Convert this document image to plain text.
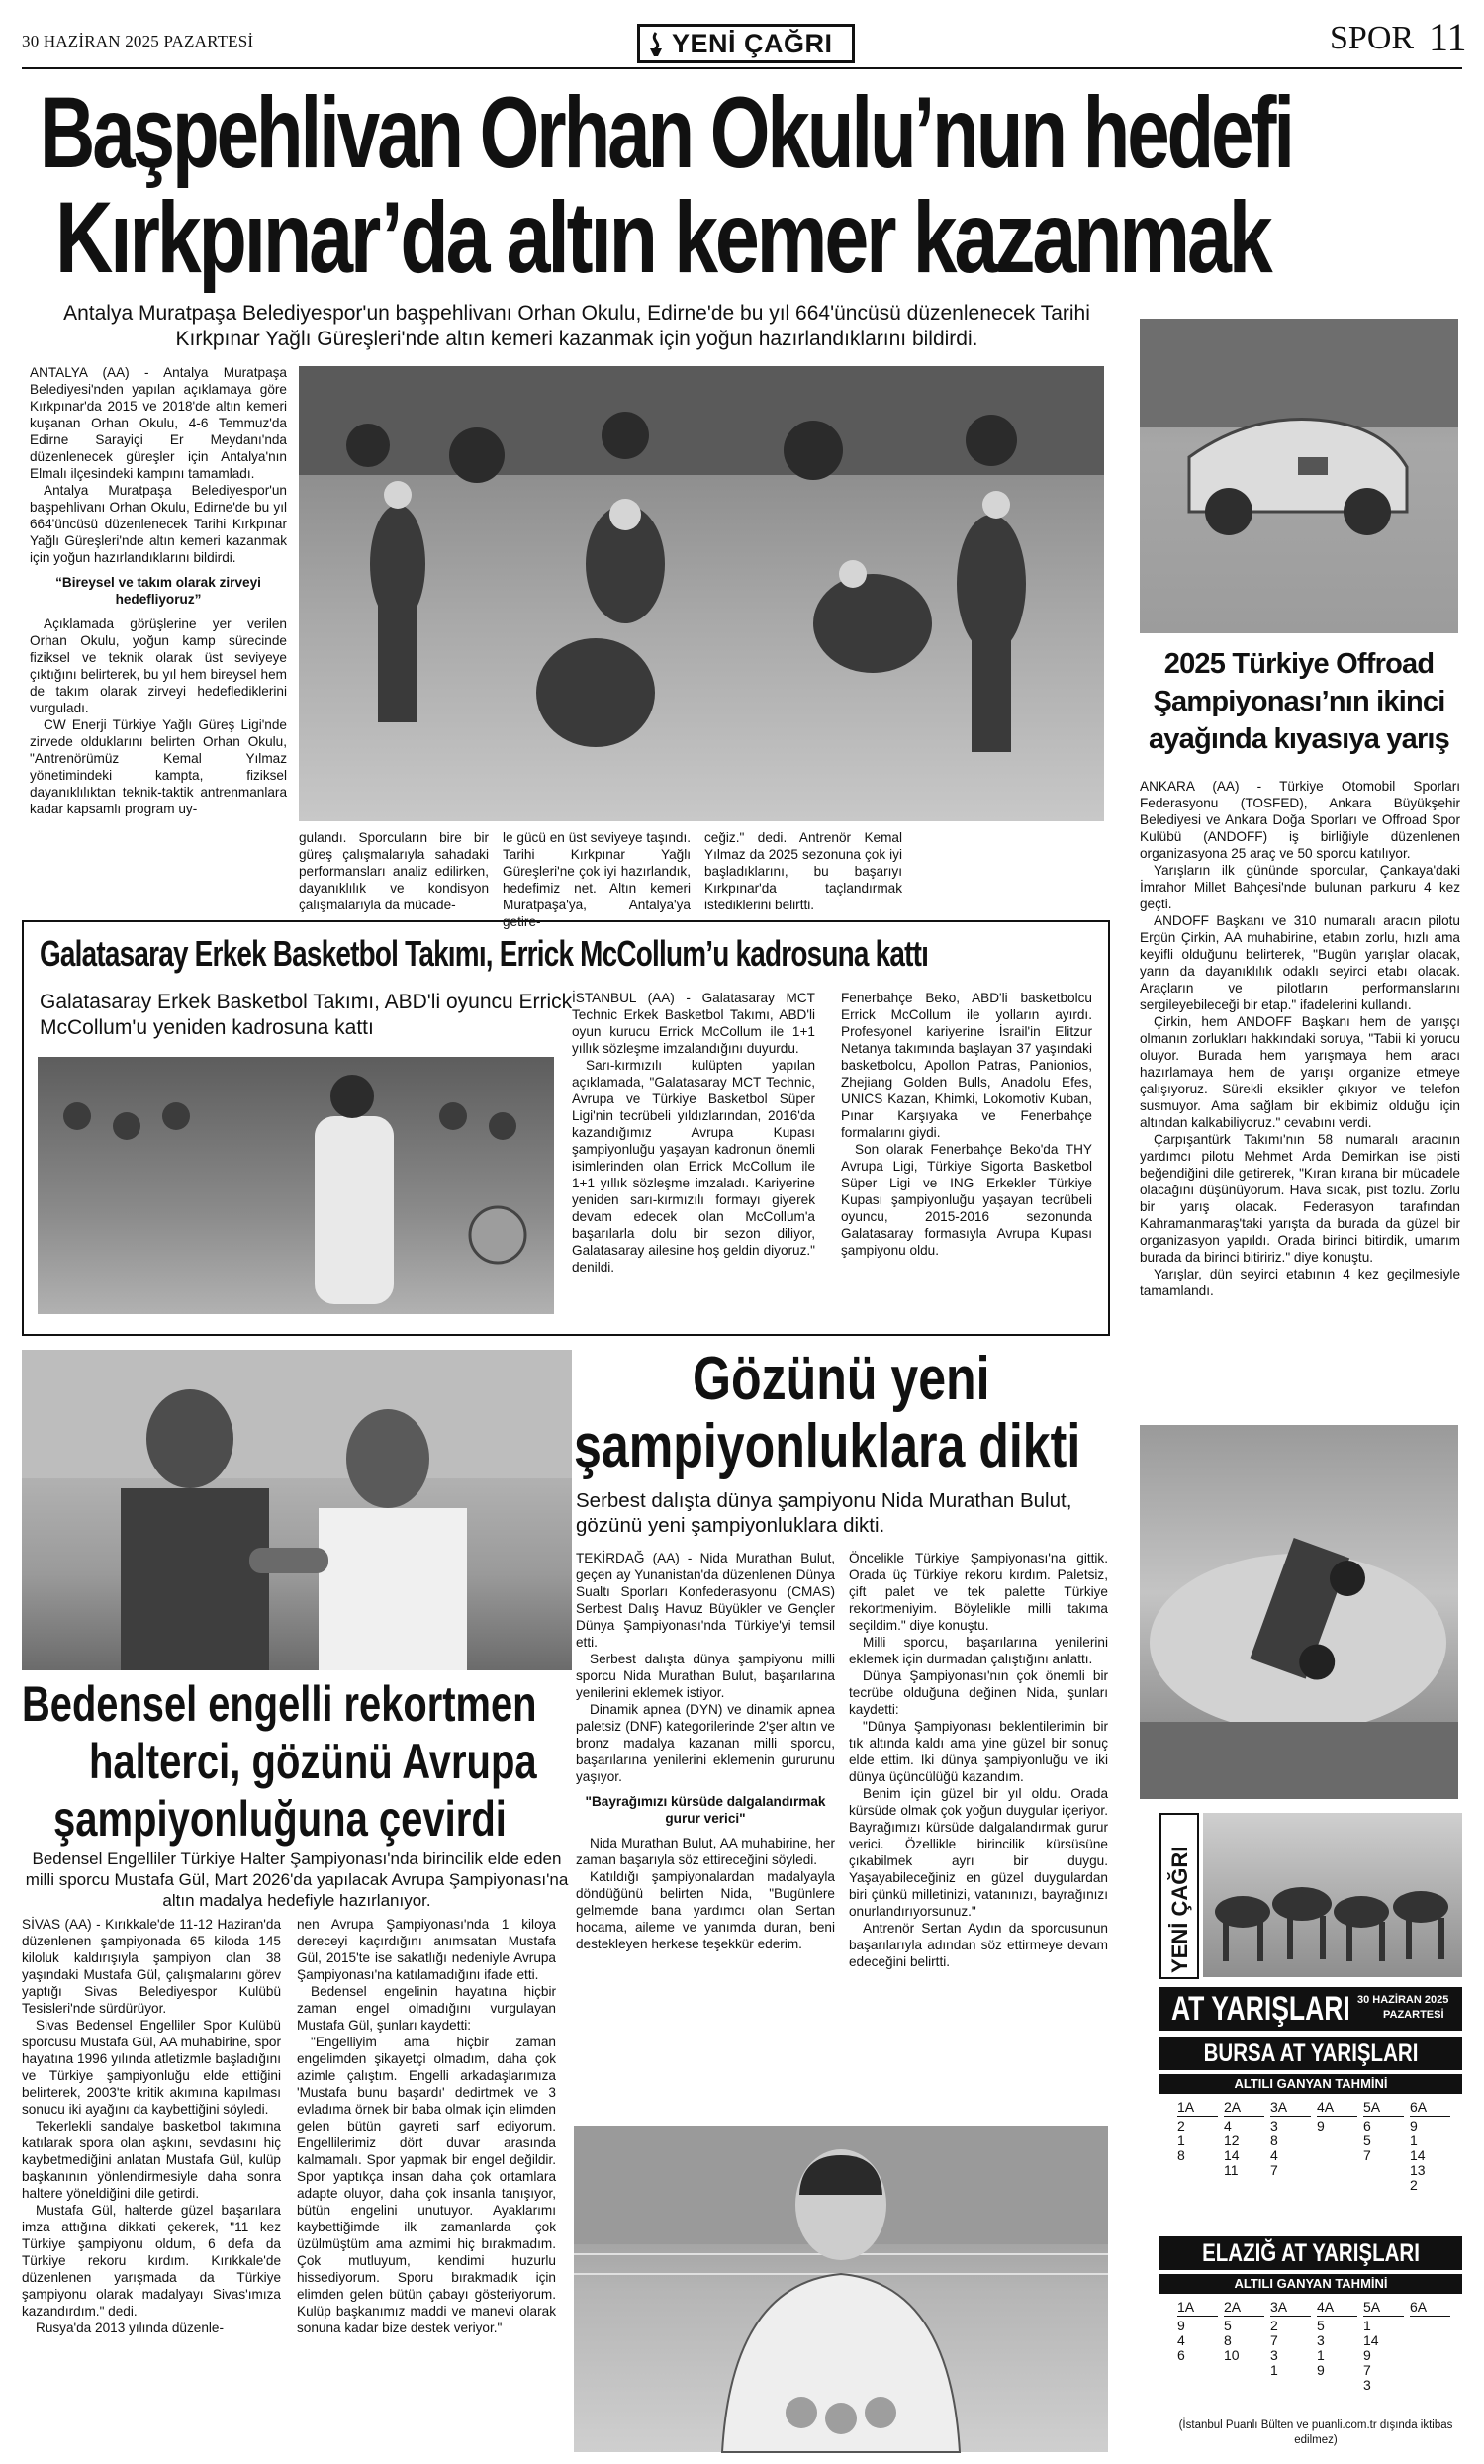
30 HAZİRAN 2025 PAZARTESİ	YENİ ÇAĞRI	SPOR 11
Başpehlivan Orhan Okulu’nun hedefi
Kırkpınar’da altın kemer kazanmak
Antalya Muratpaşa Belediyespor'un başpehlivanı Orhan Okulu, Edirne'de bu yıl 664'üncüsü düzenlenecek Tarihi Kırkpınar Yağlı Güreşleri'nde altın kemeri kazanmak için yoğun hazırlandıklarını bildirdi.

ANTALYA (AA) - Antalya Muratpaşa Belediyesi'nden yapılan açıklamaya göre Kırkpınar'da 2015 ve 2018'de altın kemeri kuşanan Orhan Okulu, 4-6 Temmuz'da Edirne Sarayiçi Er Meydanı'nda düzenlenecek güreşler için Antalya'nın Elmalı ilçesindeki kampını tamamladı.

Antalya Muratpaşa Belediyespor'un başpehlivanı Orhan Okulu, Edirne'de bu yıl 664'üncüsü düzenlenecek Tarihi Kırkpınar Yağlı Güreşleri'nde altın kemeri kazanmak için yoğun hazırlandıklarını bildirdi.

“Bireysel ve takım olarak zirveyi hedefliyoruz”

Açıklamada görüşlerine yer verilen Orhan Okulu, yoğun kamp sürecinde fiziksel ve teknik olarak üst seviyeye çıktığını belirterek, bu yıl hem bireysel hem de takım olarak zirveyi hedeflediklerini vurguladı.

CW Enerji Türkiye Yağlı Güreş Ligi'nde zirvede olduklarını belirten Orhan Okulu, "Antrenörümüz Kemal Yılmaz yönetimindeki kampta, fiziksel dayanıklılıktan teknik-taktik antrenmanlara kadar kapsamlı program uy-

gulandı. Sporcuların bire bir güreş çalışmalarıyla sahadaki performansları analiz edilirken, dayanıklılık ve kondisyon çalışmalarıyla da mücade-

le gücü en üst seviyeye taşındı. Tarihi Kırkpınar Yağlı Güreşleri'ne çok iyi hazırlandık, hedefimiz net. Altın kemeri Muratpaşa'ya, Antalya'ya getire-

ceğiz." dedi. Antrenör Kemal Yılmaz da 2025 sezonuna çok iyi başladıklarını, bu başarıyı Kırkpınar'da taçlandırmak istediklerini belirtti.

2025 Türkiye Offroad Şampiyonası’nın ikinci ayağında kıyasıya yarış

ANKARA (AA) - Türkiye Otomobil Sporları Federasyonu (TOSFED), Ankara Büyükşehir Belediyesi ve Ankara Doğa Sporları ve Offroad Spor Kulübü (ANDOFF) iş birliğiyle düzenlenen organizasyona 25 araç ve 50 sporcu katılıyor.

Yarışların ilk gününde sporcular, Çankaya'daki İmrahor Millet Bahçesi'nde bulunan parkuru 4 kez geçti.

ANDOFF Başkanı ve 310 numaralı aracın pilotu Ergün Çirkin, AA muhabirine, etabın zorlu, hızlı ama keyifli olduğunu belirterek, "Bugün yarışlar olacak, yarın da dayanıklılık odaklı seyirci etabı olacak. Araçların ve pilotların performanslarını sergileyebileceği bir etap." ifadelerini kullandı.

Çirkin, hem ANDOFF Başkanı hem de yarışçı olmanın zorlukları hakkındaki soruya, "Tabii ki yorucu oluyor. Burada hem yarışmaya hem aracı hazırlamaya hem de yarışı organize etmeye çalışıyoruz. Sürekli eksikler çıkıyor ve telefon susmuyor. Ama sağlam bir ekibimiz olduğu için altından kalkabiliyoruz." cevabını verdi.

Çarpışantürk Takımı'nın 58 numaralı aracının yardımcı pilotu Mehmet Arda Demirkan ise pisti beğendiğini dile getirerek, "Kıran kırana bir mücadele olacağını düşünüyorum. Hava sıcak, pist tozlu. Zorlu bir yarış olacak. Federasyon tarafından Kahramanmaraş'taki yarışta da burada da güzel bir organizasyon yapıldı. Orada birinci bitirdik, umarım burada da birinci bitiririz." diye konuştu.

Yarışlar, dün seyirci etabının 4 kez geçilmesiyle tamamlandı.

YENİ ÇAĞRI
AT YARIŞLARI 30 HAZİRAN 2025
PAZARTESİ
BURSA AT YARIŞLARI
ALTILI GANYAN TAHMİNİ
1A
2
1
8
2A
4
12
14
11
3A
3
8
4
7
4A
9
5A
6
5
7
6A
9
1
14
13
2
ELAZIĞ AT YARIŞLARI
ALTILI GANYAN TAHMİNİ
1A
9
4
6
2A
5
8
10
3A
2
7
3
1
4A
5
3
1
9
5A
1
14
9
7
3
6A
(İstanbul Puanlı Bülten ve puanli.com.tr dışında iktibas edilmez)
Galatasaray Erkek Basketbol Takımı, Errick McCollum’u kadrosuna kattı
Galatasaray Erkek Basketbol Takımı, ABD'li oyuncu Errick McCollum'u yeniden kadrosuna kattı

İSTANBUL (AA) - Galatasaray MCT Technic Erkek Basketbol Takımı, ABD'li oyun kurucu Errick McCollum ile 1+1 yıllık sözleşme imzalandığını duyurdu.

Sarı-kırmızılı kulüpten yapılan açıklamada, "Galatasaray MCT Technic, Avrupa ve Türkiye Basketbol Süper Ligi'nin tecrübeli yıldızlarından, 2016'da kazandığımız Avrupa Kupası şampiyonluğu yaşayan kadronun önemli isimlerinden olan Errick McCollum ile 1+1 yıllık sözleşme imzaladı. Kariyerine yeniden sarı-kırmızılı formayı giyerek devam edecek olan McCollum'a başarılarla dolu bir sezon diliyor, Galatasaray ailesine hoş geldin diyoruz." denildi.

Fenerbahçe Beko, ABD'li basketbolcu Errick McCollum ile yolların ayırdı. Profesyonel kariyerine İsrail'in Elitzur Netanya takımında başlayan 37 yaşındaki basketbolcu, Apollon Patras, Panionios, Zhejiang Golden Bulls, Anadolu Efes, UNICS Kazan, Khimki, Lokomotiv Kuban, Pınar Karşıyaka ve Fenerbahçe formalarını giydi.

Son olarak Fenerbahçe Beko'da THY Avrupa Ligi, Türkiye Sigorta Basketbol Süper Ligi ve ING Erkekler Türkiye Kupası şampiyonluğu yaşayan tecrübeli oyuncu, 2015-2016 sezonunda Galatasaray formasıyla Avrupa Kupası şampiyonu oldu.

Bedensel engelli rekortmen
halterci, gözünü Avrupa
şampiyonluğuna çevirdi
Bedensel Engelliler Türkiye Halter Şampiyonası'nda birincilik elde eden milli sporcu Mustafa Gül, Mart 2026'da yapılacak Avrupa Şampiyonası'na altın madalya hedefiyle hazırlanıyor.

SİVAS (AA) - Kırıkkale'de 11-12 Haziran'da düzenlenen şampiyonada 65 kiloda 145 kiloluk kaldırışıyla şampiyon olan 38 yaşındaki Mustafa Gül, çalışmalarını görev yaptığı Sivas Belediyespor Kulübü Tesisleri'nde sürdürüyor.

Sivas Bedensel Engelliler Spor Kulübü sporcusu Mustafa Gül, AA muhabirine, spor hayatına 1996 yılında atletizmle başladığını ve Türkiye şampiyonluğu elde ettiğini belirterek, 2003'te kritik akımına kapılması sonucu iki ayağını da kaybettiğini söyledi.

Tekerlekli sandalye basketbol takımına katılarak spora olan aşkını, sevdasını hiç kaybetmediğini anlatan Mustafa Gül, kulüp başkanının yönlendirmesiyle daha sonra haltere yöneldiğini dile getirdi.

Mustafa Gül, halterde güzel başarılara imza attığına dikkati çekerek, "11 kez Türkiye şampiyonu oldum, 6 defa da Türkiye rekoru kırdım. Kırıkkale'de düzenlenen yarışmada da Türkiye şampiyonu olarak madalyayı Sivas'ımıza kazandırdım." dedi.

Rusya'da 2013 yılında düzenle-

nen Avrupa Şampiyonası'nda 1 kiloya dereceyi kaçırdığını anımsatan Mustafa Gül, 2015'te ise sakatlığı nedeniyle Avrupa Şampiyonası'na katılamadığını ifade etti.

Bedensel engelinin hayatına hiçbir zaman engel olmadığını vurgulayan Mustafa Gül, şunları kaydetti:

"Engelliyim ama hiçbir zaman engelimden şikayetçi olmadım, daha çok azimle çalıştım. Engelli arkadaşlarımıza 'Mustafa bunu başardı' dedirtmek ve 3 evladıma örnek bir baba olmak için elimden gelen bütün gayreti sarf ediyorum. Engellilerimiz dört duvar arasında kalmamalı. Spor yapmak bir engel değildir. Spor yaptıkça insan daha çok ortamlara adapte oluyor, daha çok insanla tanışıyor, bütün engelini unutuyor. Ayaklarımı kaybettiğimde ilk zamanlarda çok üzülmüştüm ama azmimi hiç bırakmadım. Çok mutluyum, kendimi huzurlu hissediyorum. Sporu bırakmadık için elimden gelen bütün çabayı gösteriyorum. Kulüp başkanımız maddi ve manevi olarak sonuna kadar bize destek veriyor."

Gözünü yeni
şampiyonluklara dikti
Serbest dalışta dünya şampiyonu Nida Murathan Bulut, gözünü yeni şampiyonluklara dikti.

TEKİRDAĞ (AA) - Nida Murathan Bulut, geçen ay Yunanistan'da düzenlenen Dünya Sualtı Sporları Konfederasyonu (CMAS) Serbest Dalış Havuz Büyükler ve Gençler Dünya Şampiyonası'nda Türkiye'yi temsil etti.

Serbest dalışta dünya şampiyonu milli sporcu Nida Murathan Bulut, başarılarına yenilerini eklemek istiyor.

Dinamik apnea (DYN) ve dinamik apnea paletsiz (DNF) kategorilerinde 2'şer altın ve bronz madalya kazanan milli sporcu, başarılarına yenilerini eklemenin gururunu yaşıyor.

"Bayrağımızı kürsüde dalgalandırmak gurur verici"

Nida Murathan Bulut, AA muhabirine, her zaman başarıyla söz ettireceğini söyledi.

Katıldığı şampiyonalardan madalyayla döndüğünü belirten Nida, "Bugünlere gelmemde bana yardımcı olan Sertan hocama, aileme ve yanımda duran, beni destekleyen herkese teşekkür ederim.

Öncelikle Türkiye Şampiyonası'na gittik. Orada üç Türkiye rekoru kırdım. Paletsiz, çift palet ve tek palette Türkiye rekortmeniyim. Böylelikle milli takıma seçildim." diye konuştu.

Milli sporcu, başarılarına yenilerini eklemek için durmadan çalıştığını anlattı.

Dünya Şampiyonası'nın çok önemli bir tecrübe olduğuna değinen Nida, şunları kaydetti:

"Dünya Şampiyonası beklentilerimin bir tık altında kaldı ama yine güzel bir sonuç elde ettim. İki dünya şampiyonluğu ve iki dünya üçüncülüğü kazandım.

Benim için güzel bir yıl oldu. Orada kürsüde olmak çok yoğun duygular içeriyor. Bayrağımızı kürsüde dalgalandırmak gurur verici. Özellikle birincilik kürsüsüne çıkabilmek ayrı bir duygu. Yaşayabileceğiniz en güzel duygulardan biri çünkü milletinizi, vatanınızı, bayrağınızı onurlandırıyorsunuz."

Antrenör Sertan Aydın da sporcusunun başarılarıyla adından söz ettirmeye devam edeceğini belirtti.
